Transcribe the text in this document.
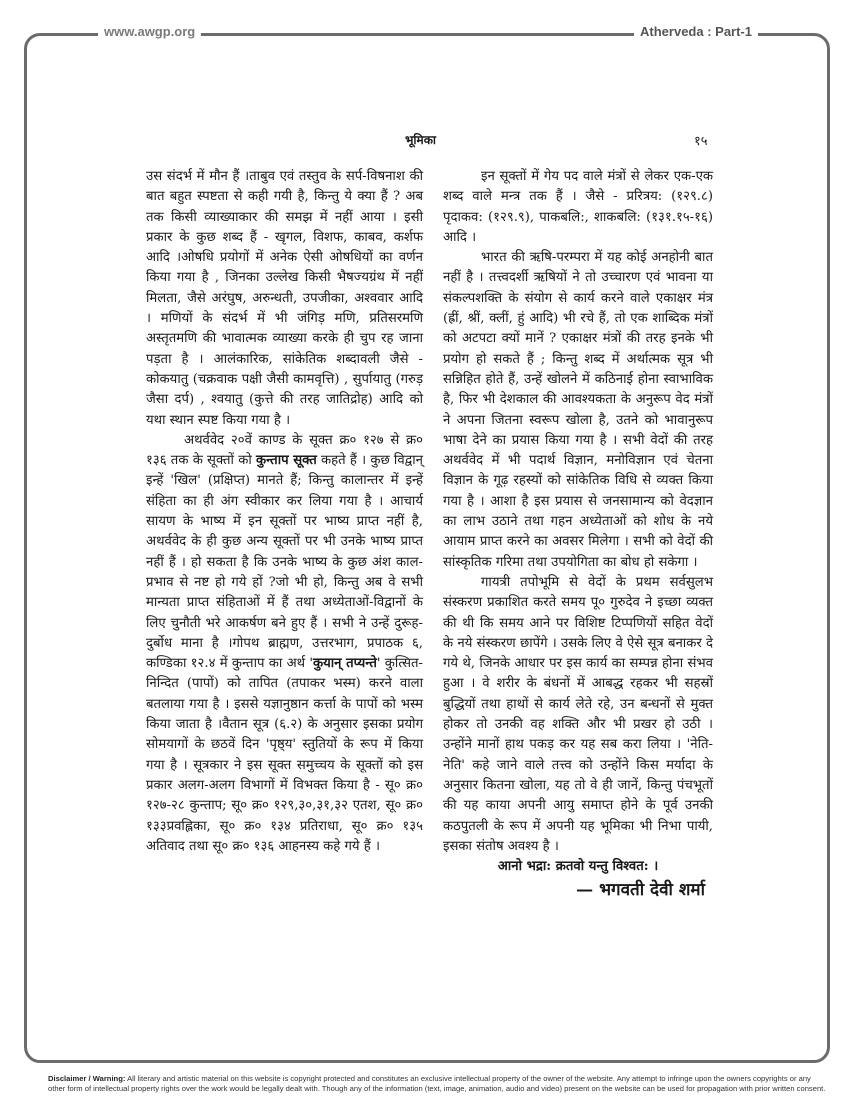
www.awgp.org	Atherveda : Part-1
भूमिका	१५

उस संदर्भ में मौन हैं ।ताबुव एवं तस्तुव के सर्प-विषनाश की बात बहुत स्पष्टता से कही गयी है, किन्तु ये क्या हैं ? अब तक किसी व्याख्याकार की समझ में नहीं आया । इसी प्रकार के कुछ शब्द हैं - खृगल, विशफ, काबव, कर्शफ आदि ।ओषधि प्रयोगों में अनेक ऐसी ओषधियों का वर्णन किया गया है , जिनका उल्लेख किसी भैषज्यग्रंथ में नहीं मिलता, जैसे अरंघुष, अरुन्धती, उपजीका, अश्ववार आदि । मणियों के संदर्भ में भी जंगिड़ मणि, प्रतिसरमणि अस्तृतमणि की भावात्मक व्याख्या करके ही चुप रह जाना पड़ता है । आलंकारिक, सांकेतिक शब्दावली जैसे - कोकयातु (चक्रवाक पक्षी जैसी कामवृत्ति) , सुर्पायातु (गरुड़ जैसा दर्प) , श्वयातु (कुत्ते की तरह जातिद्रोह) आदि को यथा स्थान स्पष्ट किया गया है ।

अथर्ववेद २०वें काण्ड के सूक्त क्र० १२७ से क्र० १३६ तक के सूक्तों को कुन्ताप सूक्त कहते हैं । कुछ विद्वान् इन्हें 'खिल' (प्रक्षिप्त) मानते हैं; किन्तु कालान्तर में इन्हें संहिता का ही अंग स्वीकार कर लिया गया है । आचार्य सायण के भाष्य में इन सूक्तों पर भाष्य प्राप्त नहीं है, अथर्ववेद के ही कुछ अन्य सूक्तों पर भी उनके भाष्य प्राप्त नहीं हैं । हो सकता है कि उनके भाष्य के कुछ अंश काल- प्रभाव से नष्ट हो गये हों ?जो भी हो, किन्तु अब वे सभी मान्यता प्राप्त संहिताओं में हैं तथा अध्येताओं-विद्वानों के लिए चुनौती भरे आकर्षण बने हुए हैं । सभी ने उन्हें दुरूह-दुर्बोध माना है ।गोपथ ब्राह्मण, उत्तरभाग, प्रपाठक ६, कण्डिका १२.४ में कुन्ताप का अर्थ 'कुयान् तप्यन्ते' कुत्सित- निन्दित (पापों) को तापित (तपाकर भस्म) करने वाला बतलाया गया है । इससे यज्ञानुष्ठान कर्त्ता के पापों को भस्म किया जाता है ।वैतान सूत्र (६.२) के अनुसार इसका प्रयोग सोमयागों के छठवें दिन 'पृष्ठ्य' स्तुतियों के रूप में किया गया है । सूत्रकार ने इस सूक्त समुच्चय के सूक्तों को इस प्रकार अलग-अलग विभागों में विभक्त किया है - सू० क्र० १२७-२८ कुन्ताप; सू० क्र० १२९,३०,३१,३२ एतश, सू० क्र० १३३प्रवह्लिका, सू० क्र० १३४ प्रतिराधा, सू० क्र० १३५ अतिवाद तथा सू० क्र० १३६ आहनस्य कहे गये हैं ।

इन सूक्तों में गेय पद वाले मंत्रों से लेकर एक-एक शब्द वाले मन्त्र तक हैं । जैसे - प्ररित्रय: (१२९.८) पृदाकव: (१२९.९), पाकबलि:, शाकबलि: (१३१.१५-१६) आदि ।

भारत की ऋषि-परम्परा में यह कोई अनहोनी बात नहीं है । तत्त्वदर्शी ऋषियों ने तो उच्चारण एवं भावना या संकल्पशक्ति के संयोग से कार्य करने वाले एकाक्षर मंत्र (ह्रीं, श्रीं, क्लीं, हुं आदि) भी रचे हैं, तो एक शाब्दिक मंत्रों को अटपटा क्यों मानें ? एकाक्षर मंत्रों की तरह इनके भी प्रयोग हो सकते हैं ; किन्तु शब्द में अर्थात्मक सूत्र भी सन्निहित होते हैं, उन्हें खोलने में कठिनाई होना स्वाभाविक है, फिर भी देशकाल की आवश्यकता के अनुरूप वेद मंत्रों ने अपना जितना स्वरूप खोला है, उतने को भावानुरूप भाषा देने का प्रयास किया गया है । सभी वेदों की तरह अथर्ववेद में भी पदार्थ विज्ञान, मनोविज्ञान एवं चेतना विज्ञान के गूढ़ रहस्यों को सांकेतिक विधि से व्यक्त किया गया है । आशा है इस प्रयास से जनसामान्य को वेदज्ञान का लाभ उठाने तथा गहन अध्येताओं को शोध के नये आयाम प्राप्त करने का अवसर मिलेगा । सभी को वेदों की सांस्कृतिक गरिमा तथा उपयोगिता का बोध हो सकेगा ।

गायत्री तपोभूमि से वेदों के प्रथम सर्वसुलभ संस्करण प्रकाशित करते समय पू० गुरुदेव ने इच्छा व्यक्त की थी कि समय आने पर विशिष्ट टिप्पणियों सहित वेदों के नये संस्करण छापेंगे । उसके लिए वे ऐसे सूत्र बनाकर दे गये थे, जिनके आधार पर इस कार्य का सम्पन्न होना संभव हुआ । वे शरीर के बंधनों में आबद्ध रहकर भी सहस्रों बुद्धियों तथा हाथों से कार्य लेते रहे, उन बन्धनों से मुक्त होकर तो उनकी वह शक्ति और भी प्रखर हो उठी । उन्होंने मानों हाथ पकड़ कर यह सब करा लिया । 'नेति-नेति' कहे जाने वाले तत्त्व को उन्होंने किस मर्यादा के अनुसार कितना खोला, यह तो वे ही जानें, किन्तु पंचभूतों की यह काया अपनी आयु समाप्त होने के पूर्व उनकी कठपुतली के रूप में अपनी यह भूमिका भी निभा पायी, इसका संतोष अवश्य है ।

आनो भद्रा: क्रतवो यन्तु विश्वत: ।

— भगवती देवी शर्मा

Disclaimer / Warning: All literary and artistic material on this website is copyright protected and constitutes an exclusive intellectual property of the owner of the website. Any attempt to infringe upon the owners copyrights or any other form of intellectual property rights over the work would be legally dealt with. Though any of the information (text, image, animation, audio and video) present on the website can be used for propagation with prior written consent.
